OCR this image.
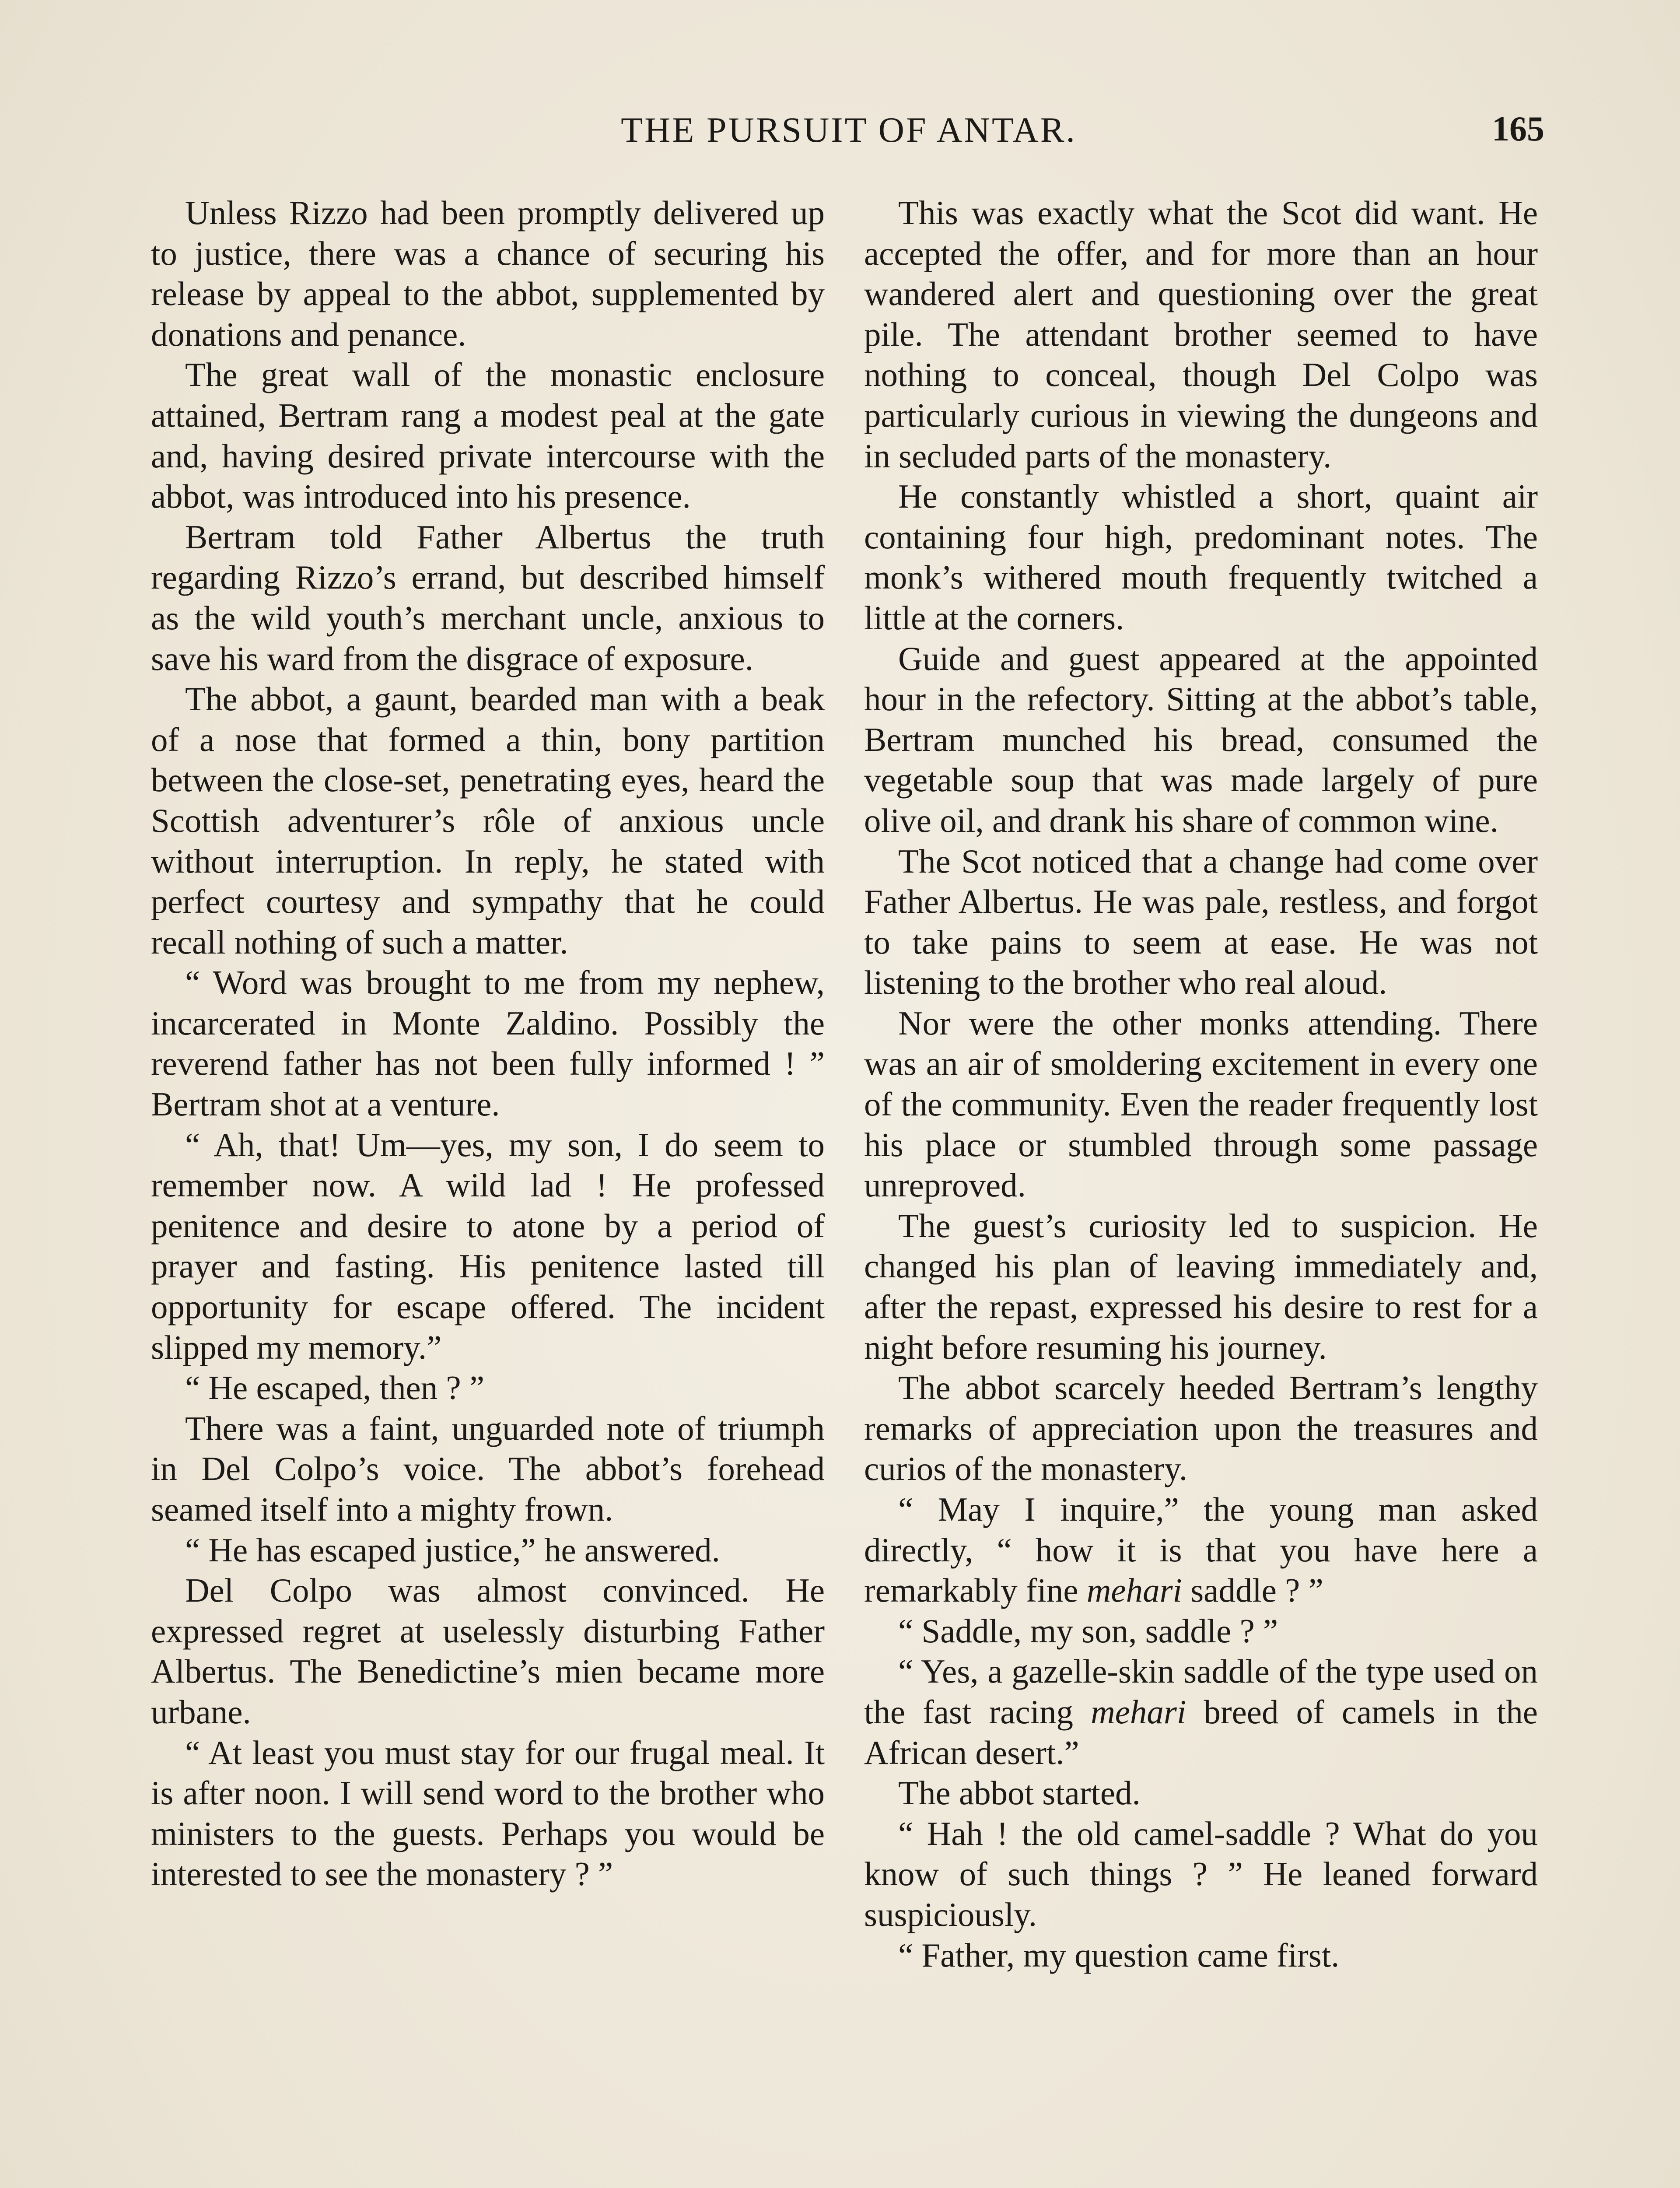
THE PURSUIT OF ANTAR.	165

Unless Rizzo had been promptly delivered up to justice, there was a chance of securing his release by appeal to the abbot, supplemented by donations and penance.

The great wall of the monastic enclosure attained, Bertram rang a modest peal at the gate and, having desired private intercourse with the abbot, was introduced into his presence.

Bertram told Father Albertus the truth regarding Rizzo’s errand, but described himself as the wild youth’s merchant uncle, anxious to save his ward from the disgrace of exposure.

The abbot, a gaunt, bearded man with a beak of a nose that formed a thin, bony partition between the close-set, penetrating eyes, heard the Scottish adventurer’s rôle of anxious uncle without interruption. In reply, he stated with perfect courtesy and sympathy that he could recall nothing of such a matter.

“ Word was brought to me from my nephew, incarcerated in Monte Zaldino. Possibly the reverend father has not been fully informed ! ” Bertram shot at a venture.

“ Ah, that! Um—yes, my son, I do seem to remember now. A wild lad ! He professed penitence and desire to atone by a period of prayer and fasting. His penitence lasted till opportunity for escape offered. The incident slipped my memory.”

“ He escaped, then ? ”

There was a faint, unguarded note of triumph in Del Colpo’s voice. The abbot’s forehead seamed itself into a mighty frown.

“ He has escaped justice,” he answered.

Del Colpo was almost convinced. He expressed regret at uselessly disturbing Father Albertus. The Benedictine’s mien became more urbane.

“ At least you must stay for our frugal meal. It is after noon. I will send word to the brother who ministers to the guests. Perhaps you would be interested to see the monastery ? ”

This was exactly what the Scot did want. He accepted the offer, and for more than an hour wandered alert and questioning over the great pile. The attendant brother seemed to have nothing to conceal, though Del Colpo was particularly curious in viewing the dungeons and in secluded parts of the monastery.

He constantly whistled a short, quaint air containing four high, predominant notes. The monk’s withered mouth frequently twitched a little at the corners.

Guide and guest appeared at the appointed hour in the refectory. Sitting at the abbot’s table, Bertram munched his bread, consumed the vegetable soup that was made largely of pure olive oil, and drank his share of common wine.

The Scot noticed that a change had come over Father Albertus. He was pale, restless, and forgot to take pains to seem at ease. He was not listening to the brother who real aloud.

Nor were the other monks attending. There was an air of smoldering excitement in every one of the community. Even the reader frequently lost his place or stumbled through some passage unreproved.

The guest’s curiosity led to suspicion. He changed his plan of leaving immediately and, after the repast, expressed his desire to rest for a night before resuming his journey.

The abbot scarcely heeded Bertram’s lengthy remarks of appreciation upon the treasures and curios of the monastery.

“ May I inquire,” the young man asked directly, “ how it is that you have here a remarkably fine mehari saddle ? ”

“ Saddle, my son, saddle ? ”

“ Yes, a gazelle-skin saddle of the type used on the fast racing mehari breed of camels in the African desert.”

The abbot started.

“ Hah ! the old camel-saddle ? What do you know of such things ? ” He leaned forward suspiciously.

“ Father, my question came first.
